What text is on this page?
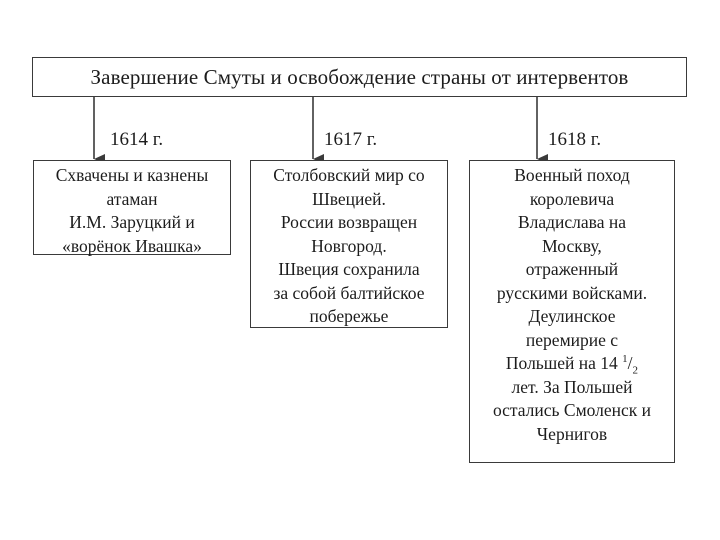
Завершение Смуты и освобождение страны от интервентов
1614 г.	1617 г.	1618 г.
Схвачены и казнены
атаман
И.М. Заруцкий и
«ворёнок Ивашка»
Столбовский мир со
Швецией.
России возвращен
Новгород.
Швеция сохранила
за собой балтийское
побережье
Военный поход
королевича
Владислава на
Москву,
отраженный
русскими войсками.
Деулинское
перемирие с
Польшей на 14 $^1/_2$
лет. За Польшей
остались Смоленск и
Чернигов
